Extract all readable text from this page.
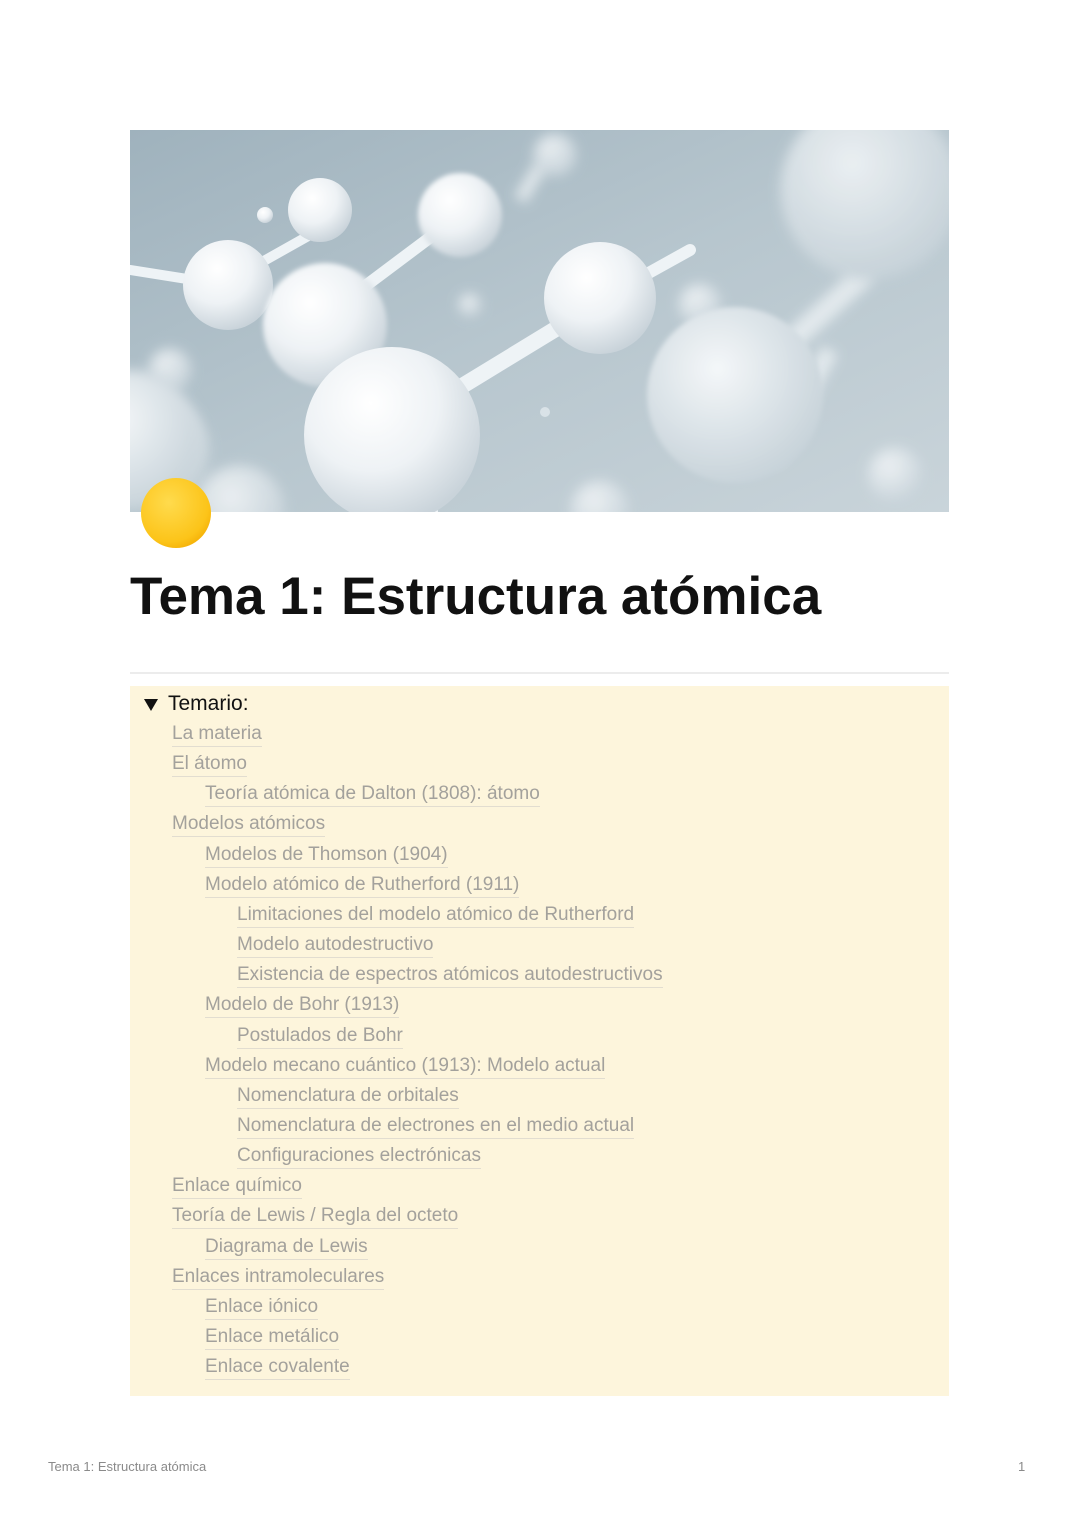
Tema 1: Estructura atómica
Temario:
La materia
El átomo
Teoría atómica de Dalton (1808): átomo
Modelos atómicos
Modelos de Thomson (1904)
Modelo atómico de Rutherford (1911)
Limitaciones del modelo atómico de Rutherford
Modelo autodestructivo
Existencia de espectros atómicos autodestructivos
Modelo de Bohr (1913)
Postulados de Bohr
Modelo mecano cuántico (1913): Modelo actual
Nomenclatura de orbitales
Nomenclatura de electrones en el medio actual
Configuraciones electrónicas
Enlace químico
Teoría de Lewis / Regla del octeto
Diagrama de Lewis
Enlaces intramoleculares
Enlace iónico
Enlace metálico
Enlace covalente
Tema 1: Estructura atómica	1
